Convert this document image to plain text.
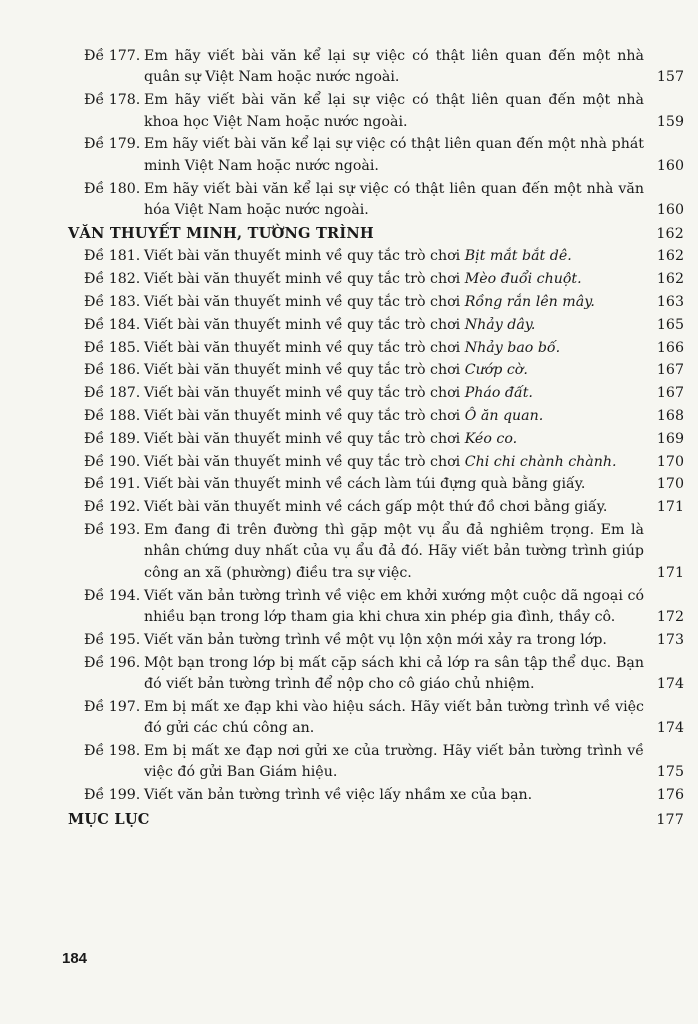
Đề 177. Em hãy viết bài văn kể lại sự việc có thật liên quan đến một nhà quân sự Việt Nam hoặc nước ngoài.	157
Đề 178. Em hãy viết bài văn kể lại sự việc có thật liên quan đến một nhà khoa học Việt Nam hoặc nước ngoài.	159
Đề 179. Em hãy viết bài văn kể lại sự việc có thật liên quan đến một nhà phát minh Việt Nam hoặc nước ngoài.	160
Đề 180. Em hãy viết bài văn kể lại sự việc có thật liên quan đến một nhà văn hóa Việt Nam hoặc nước ngoài.	160
VĂN THUYẾT MINH, TƯỜNG TRÌNH	162
Đề 181. Viết bài văn thuyết minh về quy tắc trò chơi Bịt mắt bắt dê.	162
Đề 182. Viết bài văn thuyết minh về quy tắc trò chơi Mèo đuổi chuột.	162
Đề 183. Viết bài văn thuyết minh về quy tắc trò chơi Rồng rắn lên mây.	163
Đề 184. Viết bài văn thuyết minh về quy tắc trò chơi Nhảy dây.	165
Đề 185. Viết bài văn thuyết minh về quy tắc trò chơi Nhảy bao bố.	166
Đề 186. Viết bài văn thuyết minh về quy tắc trò chơi Cướp cờ.	167
Đề 187. Viết bài văn thuyết minh về quy tắc trò chơi Pháo đất.	167
Đề 188. Viết bài văn thuyết minh về quy tắc trò chơi Ô ăn quan.	168
Đề 189. Viết bài văn thuyết minh về quy tắc trò chơi Kéo co.	169
Đề 190. Viết bài văn thuyết minh về quy tắc trò chơi Chi chi chành chành.	170
Đề 191. Viết bài văn thuyết minh về cách làm túi đựng quà bằng giấy.	170
Đề 192. Viết bài văn thuyết minh về cách gấp một thứ đồ chơi bằng giấy.	171
Đề 193. Em đang đi trên đường thì gặp một vụ ẩu đả nghiêm trọng. Em là nhân chứng duy nhất của vụ ẩu đả đó. Hãy viết bản tường trình giúp công an xã (phường) điều tra sự việc.	171
Đề 194. Viết văn bản tường trình về việc em khởi xướng một cuộc dã ngoại có nhiều bạn trong lớp tham gia khi chưa xin phép gia đình, thầy cô.	172
Đề 195. Viết văn bản tường trình về một vụ lộn xộn mới xảy ra trong lớp.	173
Đề 196. Một bạn trong lớp bị mất cặp sách khi cả lớp ra sân tập thể dục. Bạn đó viết bản tường trình để nộp cho cô giáo chủ nhiệm.	174
Đề 197. Em bị mất xe đạp khi vào hiệu sách. Hãy viết bản tường trình về việc đó gửi các chú công an.	174
Đề 198. Em bị mất xe đạp nơi gửi xe của trường. Hãy viết bản tường trình về việc đó gửi Ban Giám hiệu.	175
Đề 199. Viết văn bản tường trình về việc lấy nhầm xe của bạn.	176
MỤC LỤC	177
184
